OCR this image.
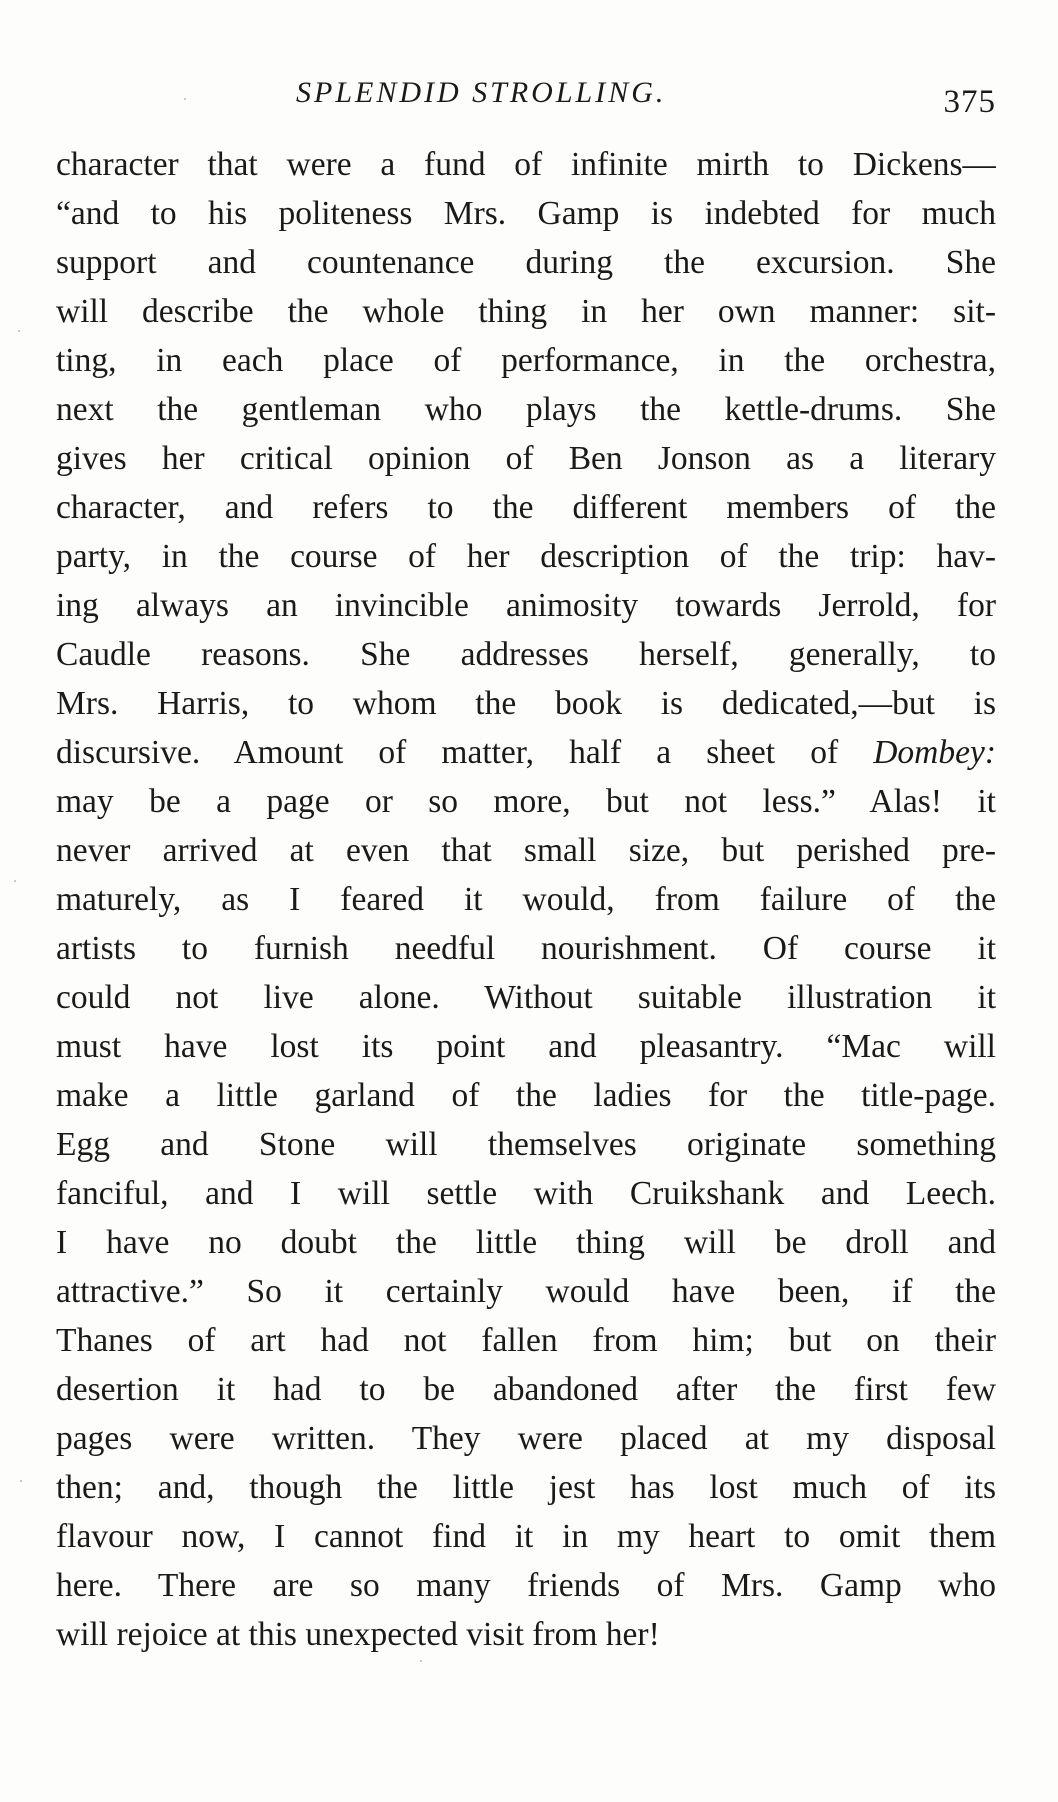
SPLENDID STROLLING.	375
character that were a fund of infinite mirth to Dickens—
“and to his politeness Mrs. Gamp is indebted for much
support and countenance during the excursion. She
will describe the whole thing in her own manner: sit-
ting, in each place of performance, in the orchestra,
next the gentleman who plays the kettle-drums. She
gives her critical opinion of Ben Jonson as a literary
character, and refers to the different members of the
party, in the course of her description of the trip: hav-
ing always an invincible animosity towards Jerrold, for
Caudle reasons. She addresses herself, generally, to
Mrs. Harris, to whom the book is dedicated,—but is
discursive. Amount of matter, half a sheet of Dombey:
may be a page or so more, but not less.” Alas! it
never arrived at even that small size, but perished pre-
maturely, as I feared it would, from failure of the
artists to furnish needful nourishment. Of course it
could not live alone. Without suitable illustration it
must have lost its point and pleasantry. “Mac will
make a little garland of the ladies for the title-page.
Egg and Stone will themselves originate something
fanciful, and I will settle with Cruikshank and Leech.
I have no doubt the little thing will be droll and
attractive.” So it certainly would have been, if the
Thanes of art had not fallen from him; but on their
desertion it had to be abandoned after the first few
pages were written. They were placed at my disposal
then; and, though the little jest has lost much of its
flavour now, I cannot find it in my heart to omit them
here. There are so many friends of Mrs. Gamp who
will rejoice at this unexpected visit from her!
